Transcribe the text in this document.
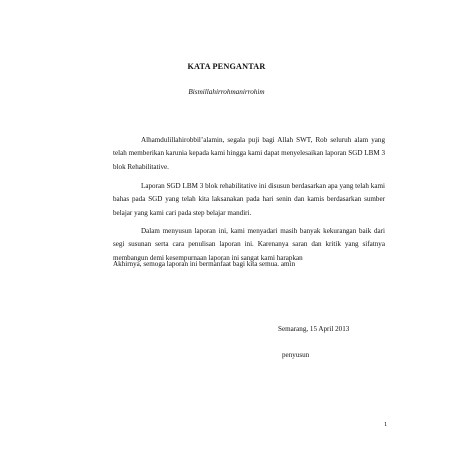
KATA PENGANTAR

Bismillahirrohmanirrohim

Alhamdulillahirobbil’alamin, segala puji bagi Allah SWT, Rob seluruh alam yang telah memberikan karunia kepada kami hingga kami dapat menyelesaikan laporan SGD LBM 3 blok Rehabilitative.

Laporan SGD LBM 3 blok rehabilitative ini disusun berdasarkan apa yang telah kami bahas pada SGD yang telah kita laksanakan pada hari senin dan kamis berdasarkan sumber belajar yang kami cari pada step belajar mandiri.

Dalam menyusun laporan ini, kami menyadari masih banyak kekurangan baik dari segi susunan serta cara penulisan laporan ini. Karenanya saran dan kritik yang sifatnya membangun demi kesempurnaan laporan ini sangat kami harapkan

Akhirnya, semoga laporan ini bermanfaat bagi kita semua. amin

Semarang, 15 April 2013

penyusun

1
